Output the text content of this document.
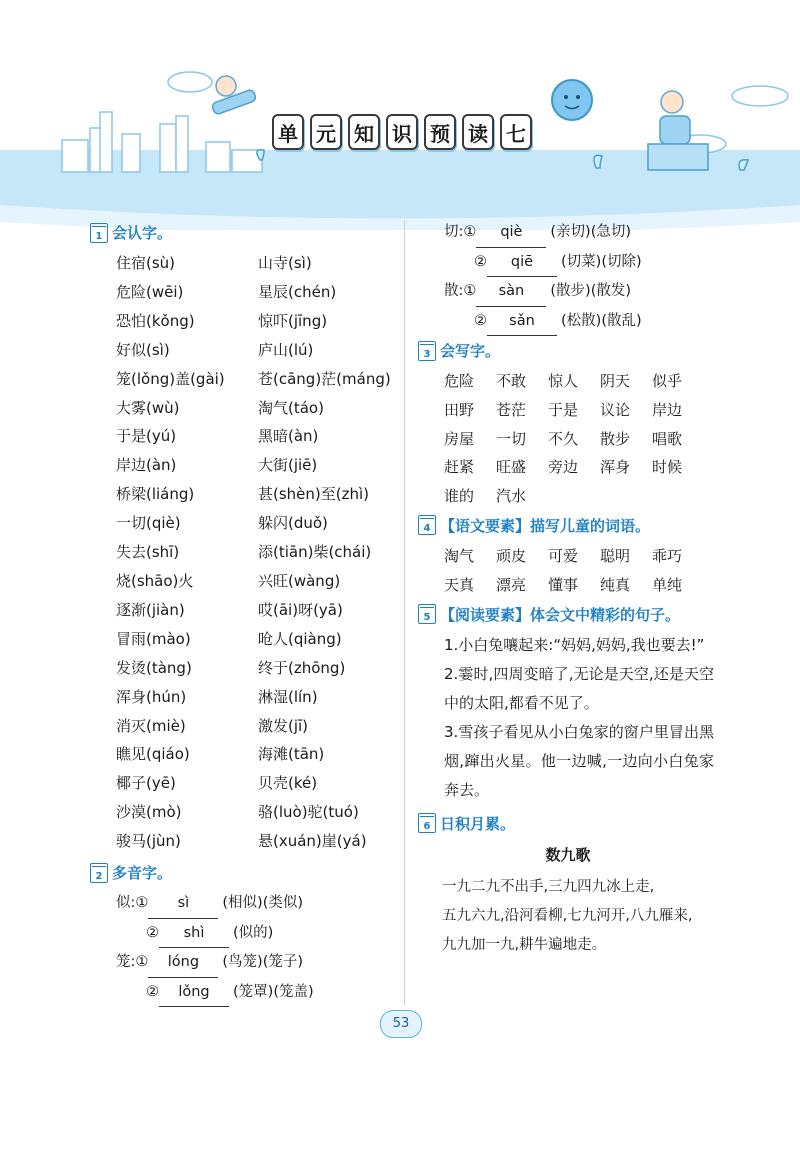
单 元 知 识 预 读 七
1 会认字。
住宿(sù)	山寺(sì)
危险(wēi)	星辰(chén)
恐怕(kǒng)	惊吓(jīng)
好似(sì)	庐山(lú)
笼(lǒng)盖(gài)	苍(cāng)茫(máng)
大雾(wù)	淘气(táo)
于是(yú)	黑暗(àn)
岸边(àn)	大街(jiē)
桥梁(liáng)	甚(shèn)至(zhì)
一切(qiè)	躲闪(duǒ)
失去(shī)	添(tiān)柴(chái)
烧(shāo)火	兴旺(wàng)
逐渐(jiàn)	哎(āi)呀(yā)
冒雨(mào)	呛人(qiàng)
发烫(tàng)	终于(zhōng)
浑身(hún)	淋湿(lín)
消灭(miè)	激发(jī)
瞧见(qiáo)	海滩(tān)
椰子(yē)	贝壳(ké)
沙漠(mò)	骆(luò)驼(tuó)
骏马(jùn)	悬(xuán)崖(yá)
2 多音字。
似:① sì (相似)(类似)
② shì (似的)
笼:① lóng (鸟笼)(笼子)
② lǒng (笼罩)(笼盖)
切:① qiè (亲切)(急切)
② qiē (切菜)(切除)
散:① sàn (散步)(散发)
② sǎn (松散)(散乱)
3 会写字。
危险	不敢	惊人	阴天	似乎
田野	苍茫	于是	议论	岸边
房屋	一切	不久	散步	唱歌
赶紧	旺盛	旁边	浑身	时候
谁的	汽水
4 【语文要素】 描写儿童的词语。
淘气	顽皮	可爱	聪明	乖巧
天真	漂亮	懂事	纯真	单纯
5 【阅读要素】 体会文中精彩的句子。
1.小白兔嚷起来:“妈妈,妈妈,我也要去!”
2.霎时,四周变暗了,无论是天空,还是天空中的太阳,都看不见了。
3.雪孩子看见从小白兔家的窗户里冒出黑烟,蹿出火星。他一边喊,一边向小白兔家奔去。
6 日积月累。
数九歌
一九二九不出手,三九四九冰上走,
五九六九,沿河看柳,七九河开,八九雁来,
九九加一九,耕牛遍地走。
53
